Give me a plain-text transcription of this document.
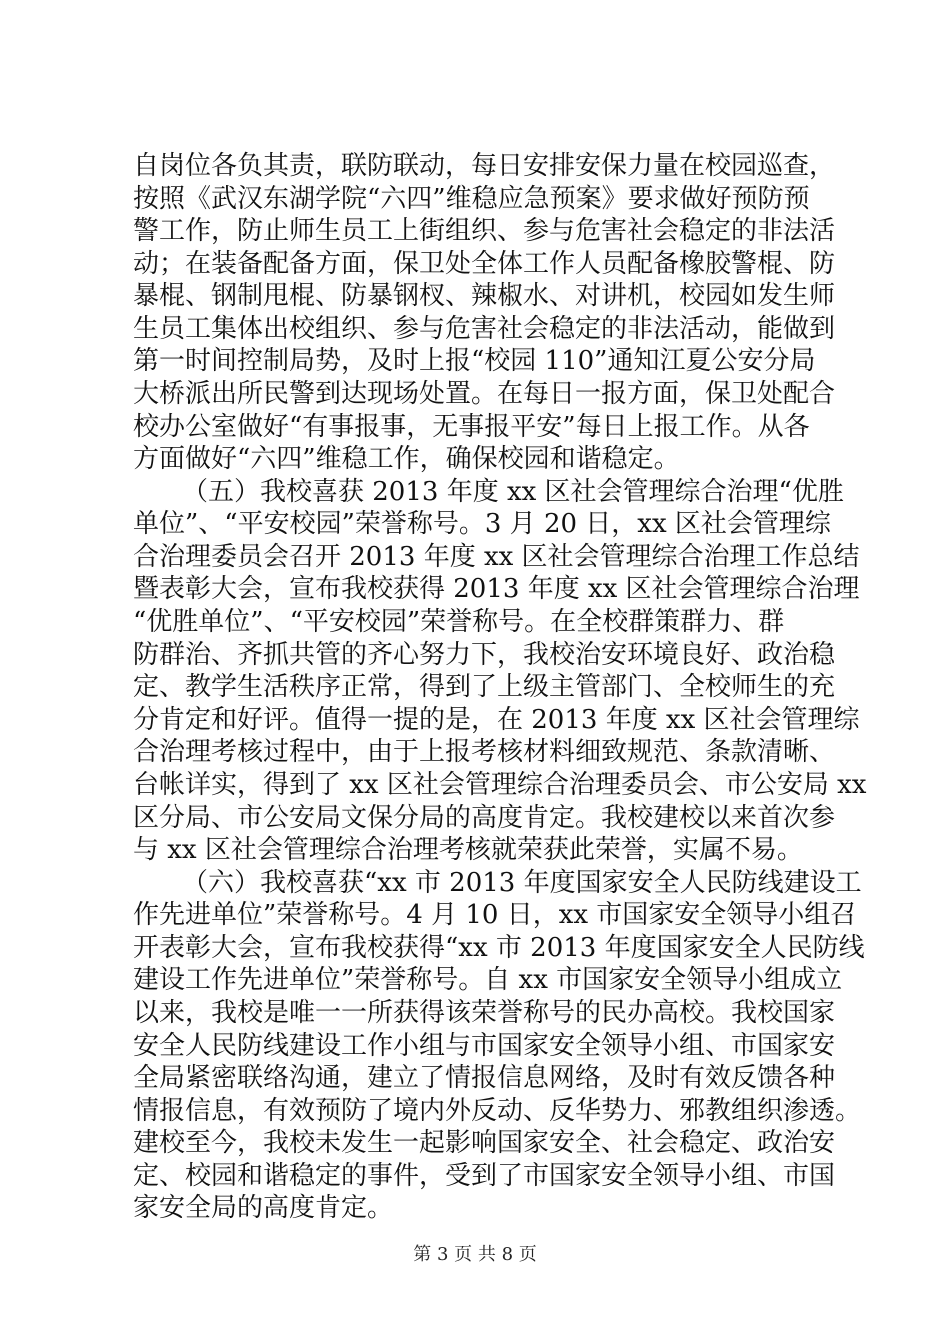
自岗位各负其责，联防联动，每日安排安保力量在校园巡查，
按照《武汉东湖学院“六四”维稳应急预案》要求做好预防预
警工作，防止师生员工上街组织、参与危害社会稳定的非法活
动；在装备配备方面，保卫处全体工作人员配备橡胶警棍、防
暴棍、钢制甩棍、防暴钢杈、辣椒水、对讲机，校园如发生师
生员工集体出校组织、参与危害社会稳定的非法活动，能做到
第一时间控制局势，及时上报“校园 110”通知江夏公安分局
大桥派出所民警到达现场处置。在每日一报方面，保卫处配合
校办公室做好“有事报事，无事报平安”每日上报工作。从各
方面做好“六四”维稳工作，确保校园和谐稳定。
（五）我校喜获 2013 年度 xx 区社会管理综合治理“优胜
单位”、“平安校园”荣誉称号。3 月 20 日，xx 区社会管理综
合治理委员会召开 2013 年度 xx 区社会管理综合治理工作总结
暨表彰大会，宣布我校获得 2013 年度 xx 区社会管理综合治理
“优胜单位”、“平安校园”荣誉称号。在全校群策群力、群
防群治、齐抓共管的齐心努力下，我校治安环境良好、政治稳
定、教学生活秩序正常，得到了上级主管部门、全校师生的充
分肯定和好评。值得一提的是，在 2013 年度 xx 区社会管理综
合治理考核过程中，由于上报考核材料细致规范、条款清晰、
台帐详实，得到了 xx 区社会管理综合治理委员会、市公安局 xx
区分局、市公安局文保分局的高度肯定。我校建校以来首次参
与 xx 区社会管理综合治理考核就荣获此荣誉，实属不易。
（六）我校喜获“xx 市 2013 年度国家安全人民防线建设工
作先进单位”荣誉称号。4 月 10 日，xx 市国家安全领导小组召
开表彰大会，宣布我校获得“xx 市 2013 年度国家安全人民防线
建设工作先进单位”荣誉称号。自 xx 市国家安全领导小组成立
以来，我校是唯一一所获得该荣誉称号的民办高校。我校国家
安全人民防线建设工作小组与市国家安全领导小组、市国家安
全局紧密联络沟通，建立了情报信息网络，及时有效反馈各种
情报信息，有效预防了境内外反动、反华势力、邪教组织渗透。
建校至今，我校未发生一起影响国家安全、社会稳定、政治安
定、校园和谐稳定的事件，受到了市国家安全领导小组、市国
家安全局的高度肯定。
第 3 页 共 8 页
